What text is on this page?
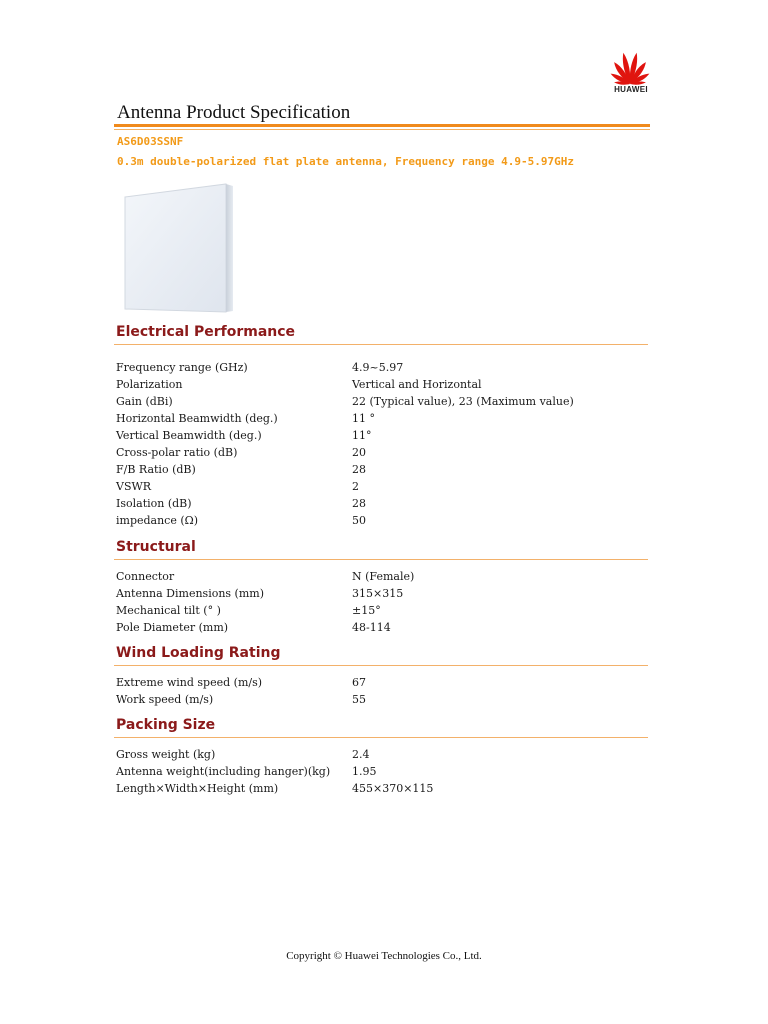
HUAWEI
Antenna Product Specification
AS6D03SSNF
0.3m double-polarized flat plate antenna, Frequency range 4.9-5.97GHz
Electrical Performance
Frequency range (GHz)	4.9~5.97
Polarization	Vertical and Horizontal
Gain (dBi)	22 (Typical value), 23 (Maximum value)
Horizontal Beamwidth (deg.)	11 °
Vertical Beamwidth (deg.)	11°
Cross-polar ratio (dB)	20
F/B Ratio (dB)	28
VSWR	2
Isolation (dB)	28
impedance (Ω)	50
Structural
Connector	N (Female)
Antenna Dimensions (mm)	315×315
Mechanical tilt (° )	±15°
Pole Diameter (mm)	48-114
Wind Loading Rating
Extreme wind speed (m/s)	67
Work speed (m/s)	55
Packing Size
Gross weight (kg)	2.4
Antenna weight(including hanger)(kg) 1.95
Length×Width×Height (mm)	455×370×115
Copyright © Huawei Technologies Co., Ltd.
